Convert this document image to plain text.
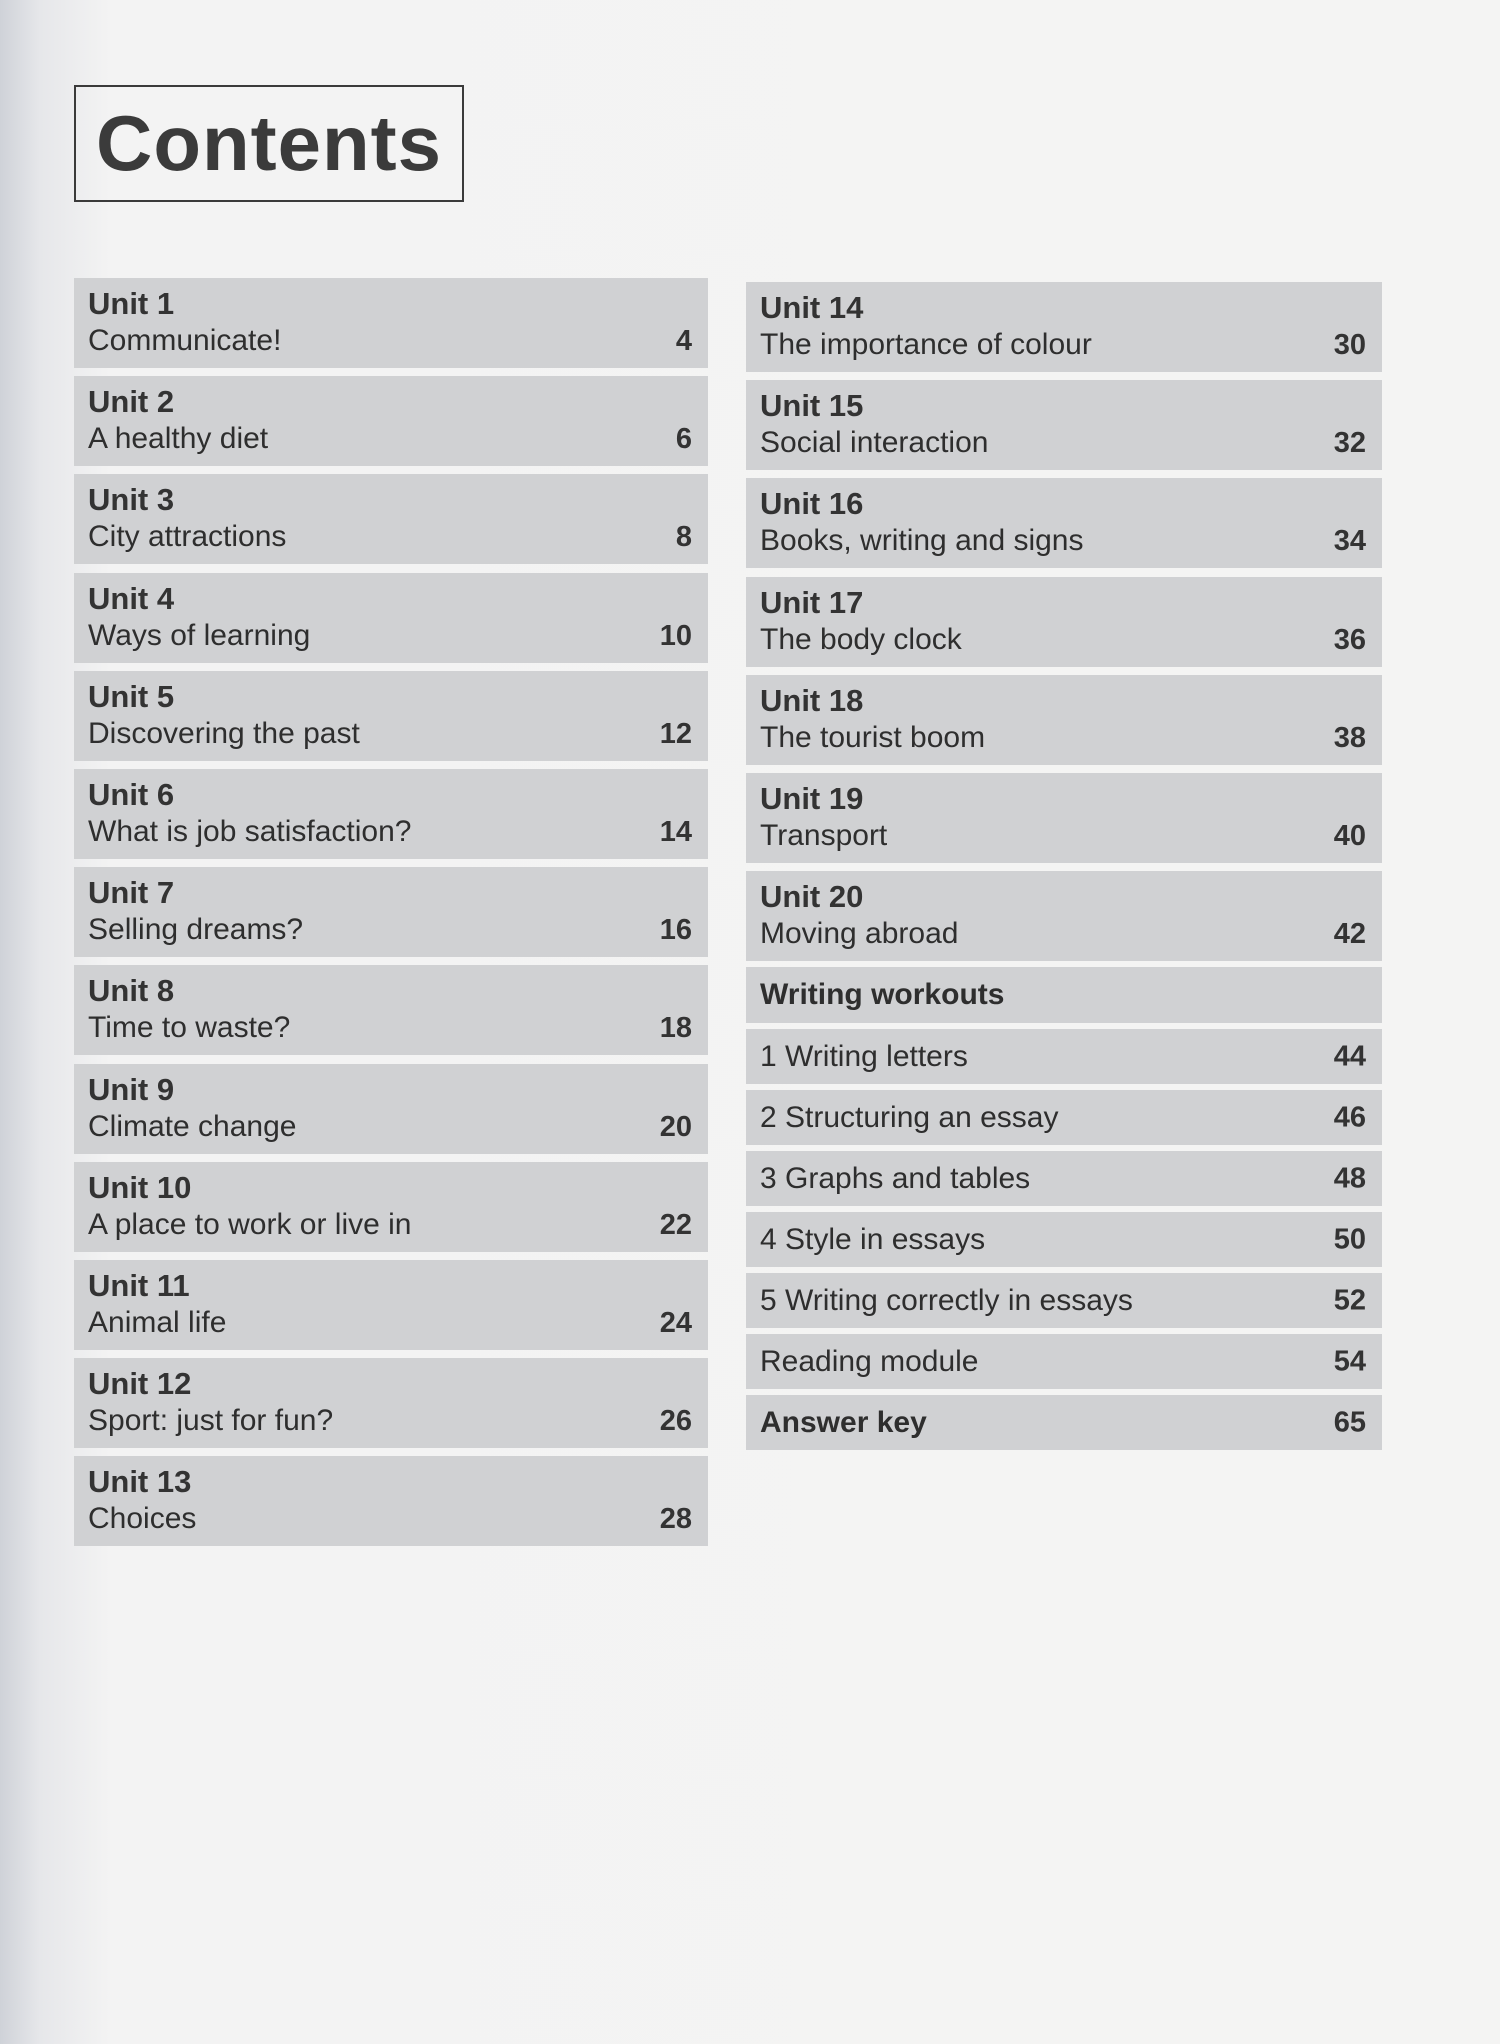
Contents
Unit 1
Communicate!	4
Unit 2
A healthy diet	6
Unit 3
City attractions	8
Unit 4
Ways of learning	10
Unit 5
Discovering the past	12
Unit 6
What is job satisfaction?	14
Unit 7
Selling dreams?	16
Unit 8
Time to waste?	18
Unit 9
Climate change	20
Unit 10
A place to work or live in	22
Unit 11
Animal life	24
Unit 12
Sport: just for fun?	26
Unit 13
Choices	28
Unit 14
The importance of colour	30
Unit 15
Social interaction	32
Unit 16
Books, writing and signs	34
Unit 17
The body clock	36
Unit 18
The tourist boom	38
Unit 19
Transport	40
Unit 20
Moving abroad	42
Writing workouts
1 Writing letters	44
2 Structuring an essay	46
3 Graphs and tables	48
4 Style in essays	50
5 Writing correctly in essays	52
Reading module	54
Answer key	65
